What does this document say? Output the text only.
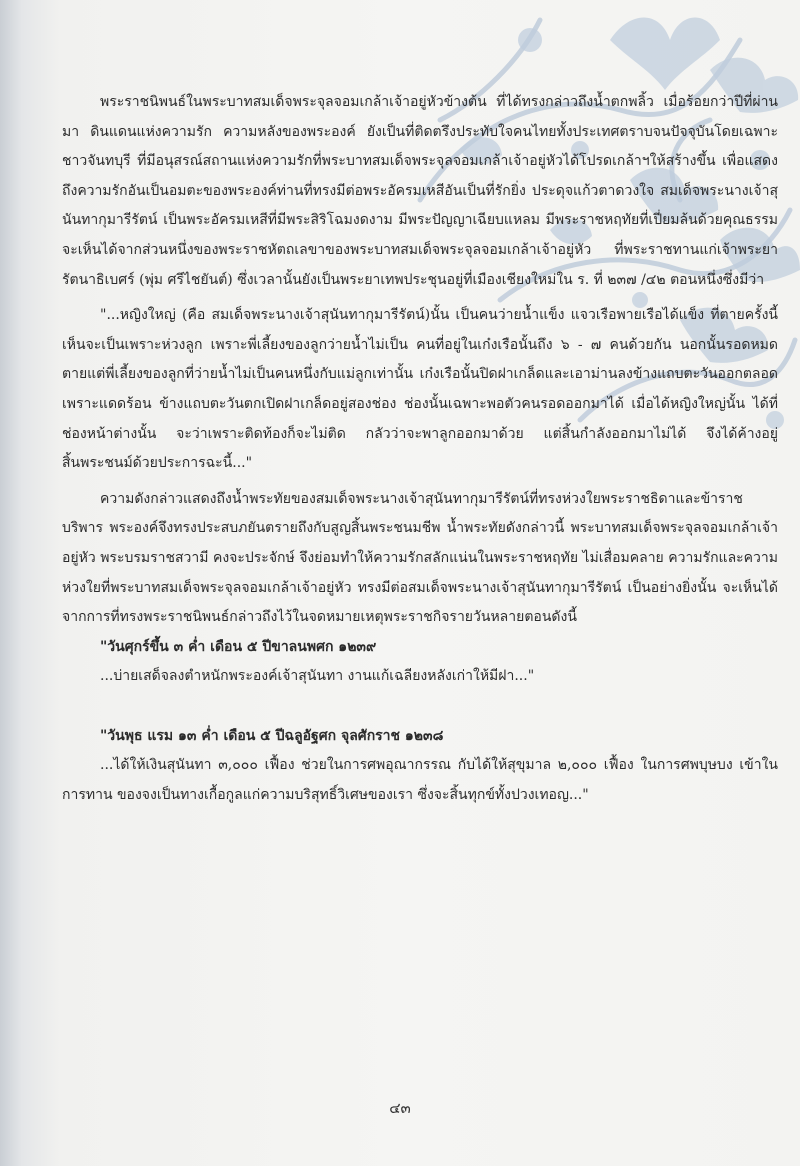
พระราชนิพนธ์ในพระบาทสมเด็จพระจุลจอมเกล้าเจ้าอยู่หัวข้างต้น ที่ได้ทรงกล่าวถึงน้ำตกพลิ้ว เมื่อร้อยกว่าปีที่ผ่านมา ดินแดนแห่งความรัก ความหลังของพระองค์ ยังเป็นที่ติดตรึงประทับใจคนไทยทั้งประเทศตราบจนปัจจุบันโดยเฉพาะชาวจันทบุรี ที่มีอนุสรณ์สถานแห่งความรักที่พระบาทสมเด็จพระจุลจอมเกล้าเจ้าอยู่หัวได้โปรดเกล้าฯให้สร้างขึ้น เพื่อแสดงถึงความรักอันเป็นอมตะของพระองค์ท่านที่ทรงมีต่อพระอัครมเหสีอันเป็นที่รักยิ่ง ประดุจแก้วตาดวงใจ สมเด็จพระนางเจ้าสุนันทากุมารีรัตน์ เป็นพระอัครมเหสีที่มีพระสิริโฉมงดงาม มีพระปัญญาเฉียบแหลม มีพระราชหฤทัยที่เปี่ยมล้นด้วยคุณธรรม จะเห็นได้จากส่วนหนึ่งของพระราชหัตถเลขาของพระบาทสมเด็จพระจุลจอมเกล้าเจ้าอยู่หัว ที่พระราชทานแก่เจ้าพระยารัตนาธิเบศร์ (พุ่ม ศรีไชยันต์) ซึ่งเวลานั้นยังเป็นพระยาเทพประชุนอยู่ที่เมืองเชียงใหม่ใน ร. ที่ ๒๓๗ /๔๒ ตอนหนึ่งซึ่งมีว่า

"...หญิงใหญ่ (คือ สมเด็จพระนางเจ้าสุนันทากุมารีรัตน์)นั้น เป็นคนว่ายน้ำแข็ง แจวเรือพายเรือได้แข็ง ที่ตายครั้งนี้เห็นจะเป็นเพราะห่วงลูก เพราะพี่เลี้ยงของลูกว่ายน้ำไม่เป็น คนที่อยู่ในเก๋งเรือนั้นถึง ๖ - ๗ คนด้วยกัน นอกนั้นรอดหมด ตายแต่พี่เลี้ยงของลูกที่ว่ายน้ำไม่เป็นคนหนึ่งกับแม่ลูกเท่านั้น เก๋งเรือนั้นปิดฝาเกล็ดและเอาม่านลงข้างแถบตะวันออกตลอด เพราะแดดร้อน ข้างแถบตะวันตกเปิดฝาเกล็ดอยู่สองช่อง ช่องนั้นเฉพาะพอตัวคนรอดออกมาได้ เมื่อได้หญิงใหญ่นั้น ได้ที่ช่องหน้าต่างนั้น จะว่าเพราะติดท้องก็จะไม่ติด กลัวว่าจะพาลูกออกมาด้วย แต่สิ้นกำลังออกมาไม่ได้ จึงได้ค้างอยู่ สิ้นพระชนม์ด้วยประการฉะนี้..."

ความดังกล่าวแสดงถึงน้ำพระทัยของสมเด็จพระนางเจ้าสุนันทากุมารีรัตน์ที่ทรงห่วงใยพระราชธิดาและข้าราชบริพาร พระองค์จึงทรงประสบภยันตรายถึงกับสูญสิ้นพระชนมชีพ น้ำพระทัยดังกล่าวนี้ พระบาทสมเด็จพระจุลจอมเกล้าเจ้าอยู่หัว พระบรมราชสวามี คงจะประจักษ์ จึงย่อมทำให้ความรักสลักแน่นในพระราชหฤทัย ไม่เสื่อมคลาย ความรักและความห่วงใยที่พระบาทสมเด็จพระจุลจอมเกล้าเจ้าอยู่หัว ทรงมีต่อสมเด็จพระนางเจ้าสุนันทากุมารีรัตน์ เป็นอย่างยิ่งนั้น จะเห็นได้จากการที่ทรงพระราชนิพนธ์กล่าวถึงไว้ในจดหมายเหตุพระราชกิจรายวันหลายตอนดังนี้

"วันศุกร์ขึ้น ๓ ค่ำ เดือน ๕ ปีขาลนพศก ๑๒๓๙

...บ่ายเสด็จลงตำหนักพระองค์เจ้าสุนันทา งานแก้เฉลียงหลังเก่าให้มีฝา..."

"วันพุธ แรม ๑๓ ค่ำ เดือน ๕ ปีฉลูอัฐศก จุลศักราช ๑๒๓๘

...ได้ให้เงินสุนันทา ๓,๐๐๐ เฟื้อง ช่วยในการศพอุณากรรณ กับได้ให้สุขุมาล ๒,๐๐๐ เฟื้อง ในการศพบุษบง เข้าในการทาน ของจงเป็นทางเกื้อกูลแก่ความบริสุทธิ์วิเศษของเรา ซึ่งจะสิ้นทุกข์ทั้งปวงเทอญ..."

๔๓
